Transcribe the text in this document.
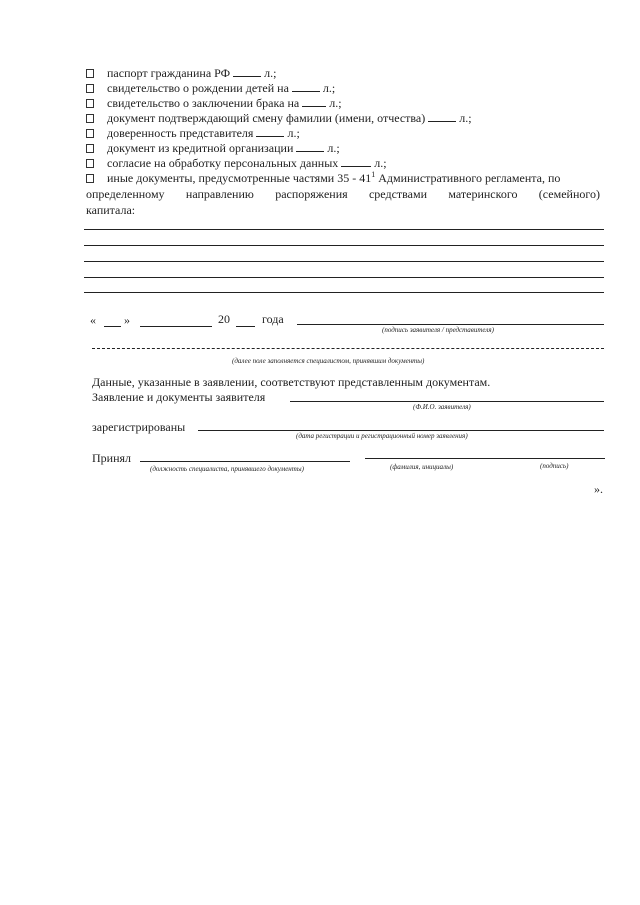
паспорт гражданина РФ	л.;
свидетельство о рождении детей на	л.;
свидетельство о заключении брака на	л.;
документ подтверждающий смену фамилии (имени, отчества)	л.;
доверенность представителя	л.;
документ из кредитной организации	л.;
согласие на обработку персональных данных	л.;
иные документы, предусмотренные частями $35 - 41^1$ Административного регламента, по
определенному направлению распоряжения средствами материнского (семейного)
капитала:
« »	20	года
(подпись заявителя / представителя)
(далее поле заполняется специалистом, принявшим документы)
Данные, указанные в заявлении, соответствуют представленным документам.
Заявление и документы заявителя
(Ф.И.О. заявителя)
зарегистрированы
(дата регистрации и регистрационный номер заявления)
Принял
(должность специалиста, принявшего документы)	(фамилия, инициалы)	(подпись)
».
